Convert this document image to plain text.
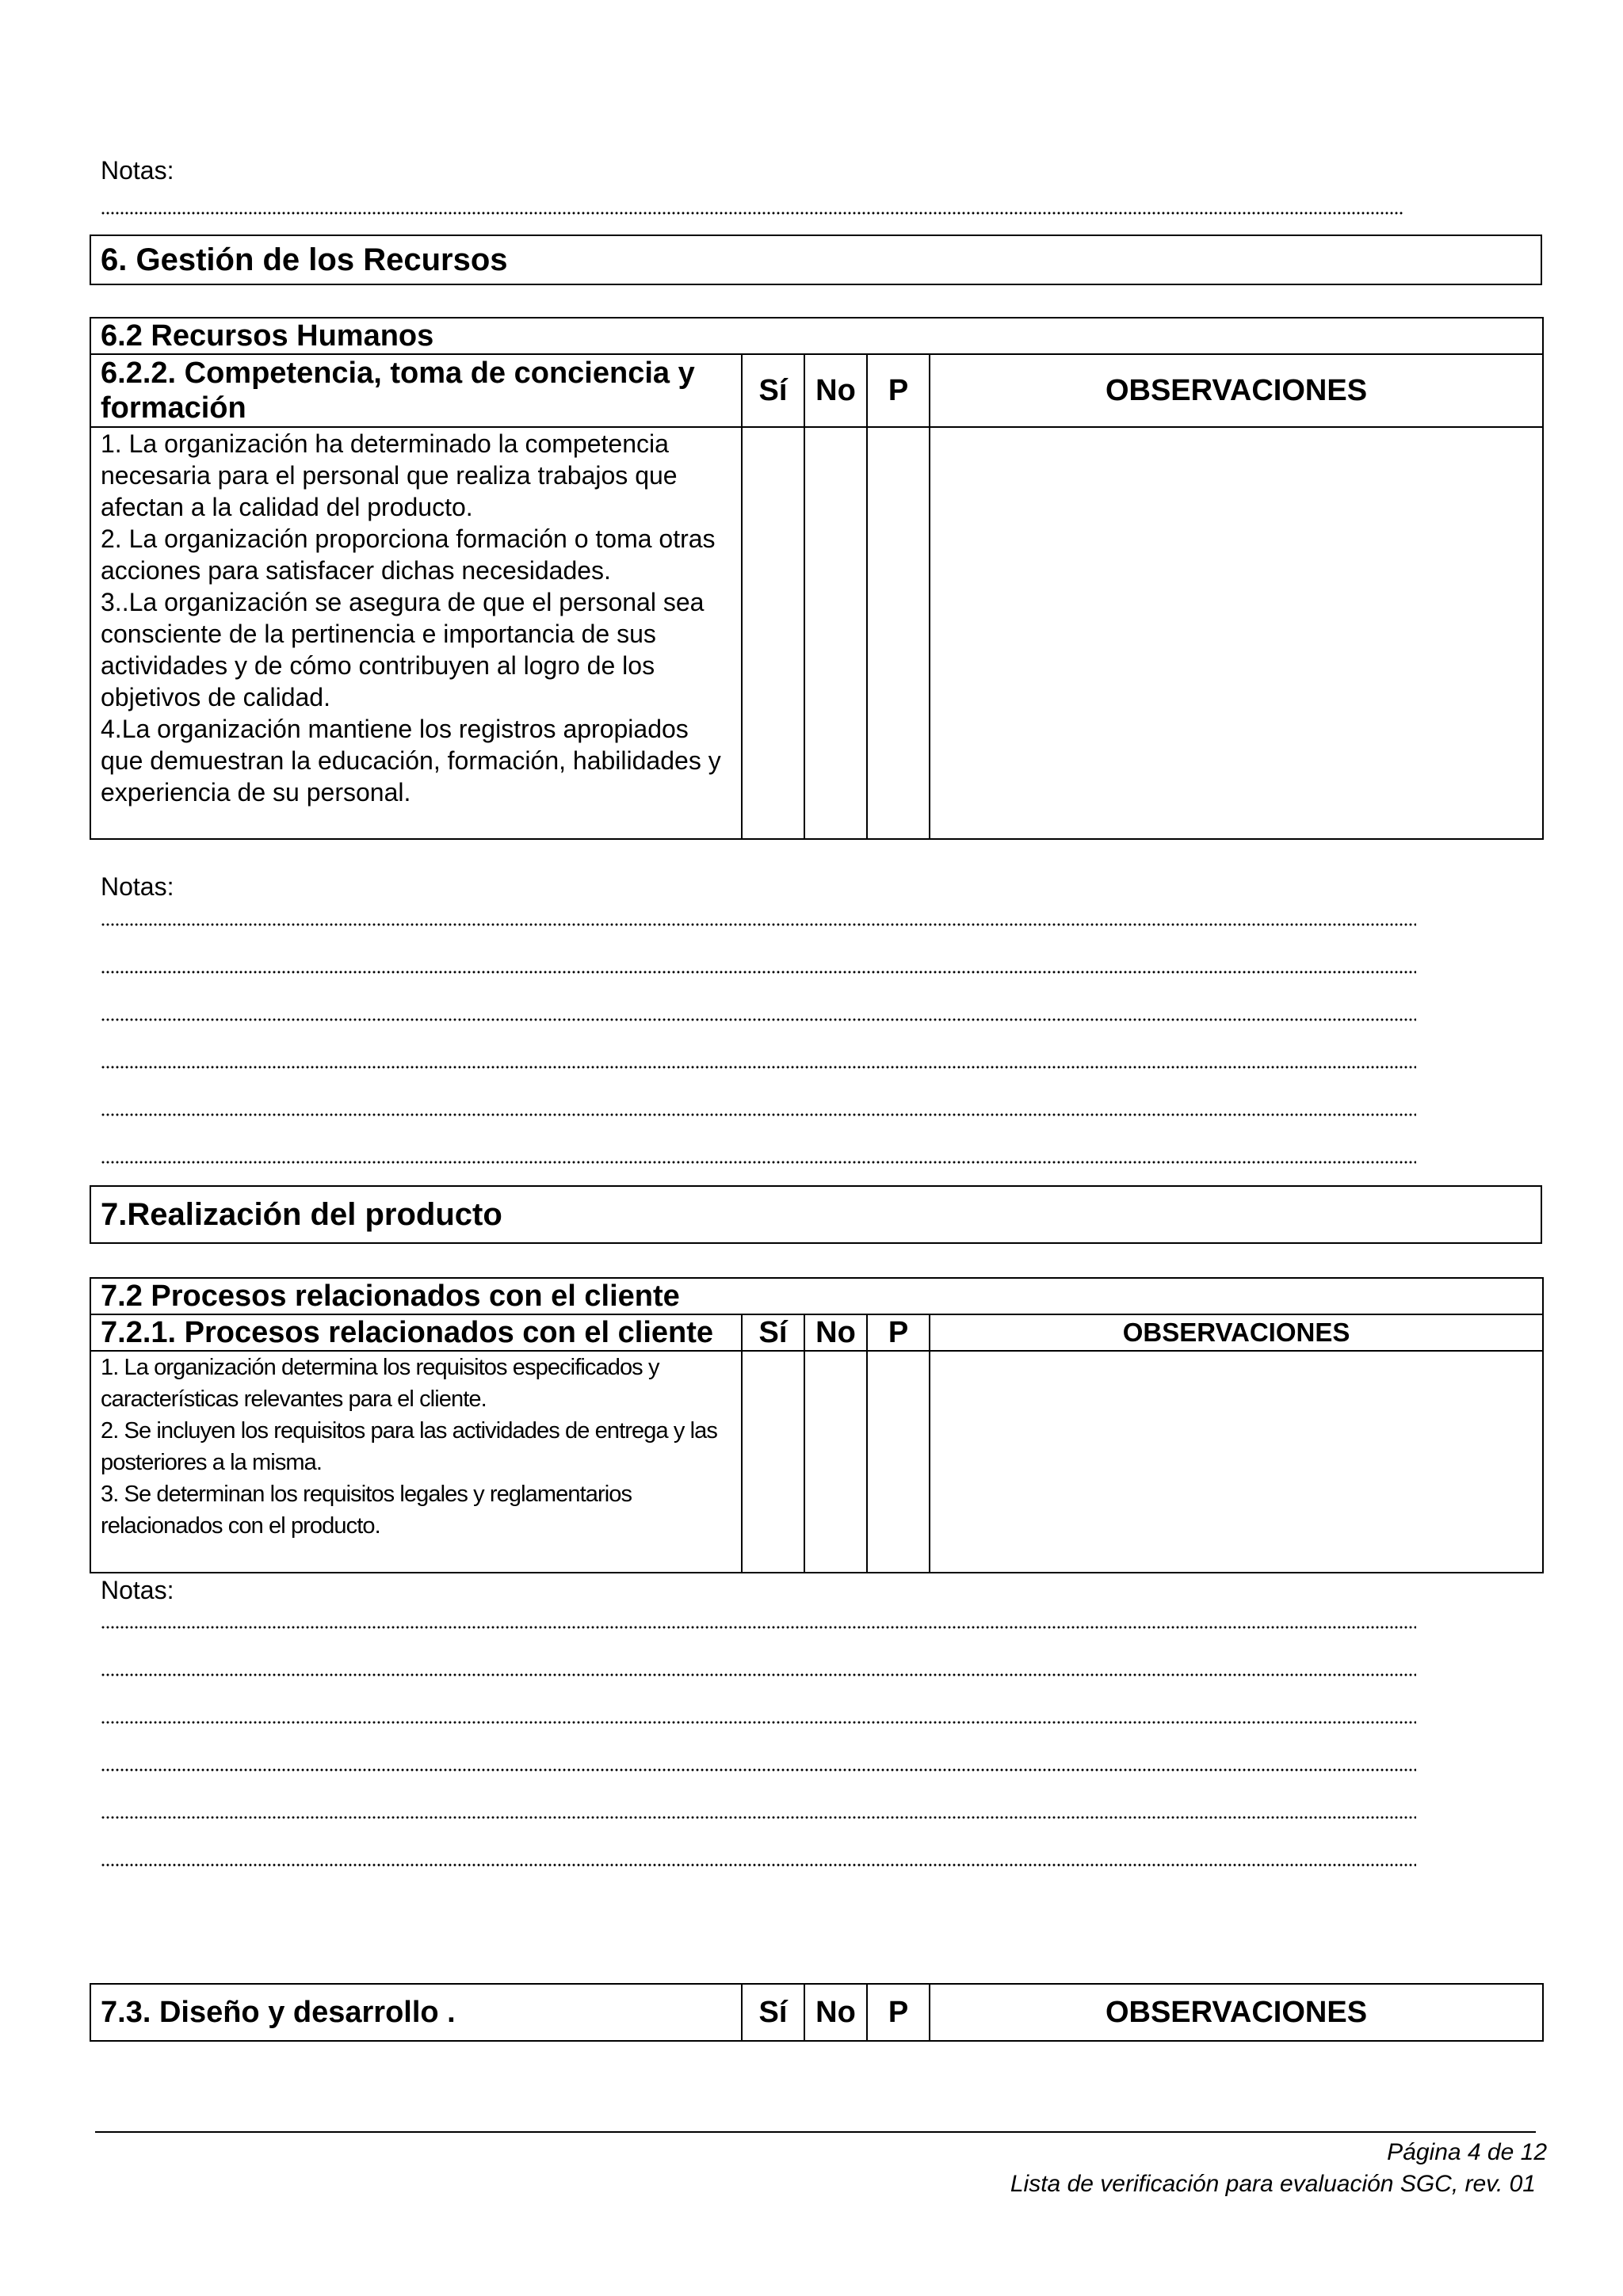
Notas:
6. Gestión de los Recursos
6.2 Recursos Humanos				
6.2.2. Competencia, toma de conciencia y formación	Sí	No	P	OBSERVACIONES

1. La organización ha determinado la competencia necesaria para el personal que realiza trabajos que afectan a la calidad del producto.
2. La organización proporciona formación o toma otras acciones para satisfacer dichas necesidades.
3..La organización se asegura de que el personal sea consciente de la pertinencia e importancia de sus actividades y de cómo contribuyen al logro de los objetivos de calidad.
4.La organización mantiene los registros apropiados que demuestran la educación, formación, habilidades y experiencia de su personal.				

Notas:
7.Realización del producto
7.2 Procesos relacionados con el cliente				
7.2.1. Procesos relacionados con el cliente	Sí	No	P	OBSERVACIONES

1. La organización determina los requisitos especificados y características relevantes para el cliente.
2. Se incluyen los requisitos para las actividades de entrega y las posteriores a la misma.
3. Se determinan los requisitos legales y reglamentarios relacionados con el producto.				

Notas:
7.3. Diseño y desarrollo .	Sí	No	P	OBSERVACIONES
Página 4 de 12
Lista de verificación para evaluación SGC, rev. 01
